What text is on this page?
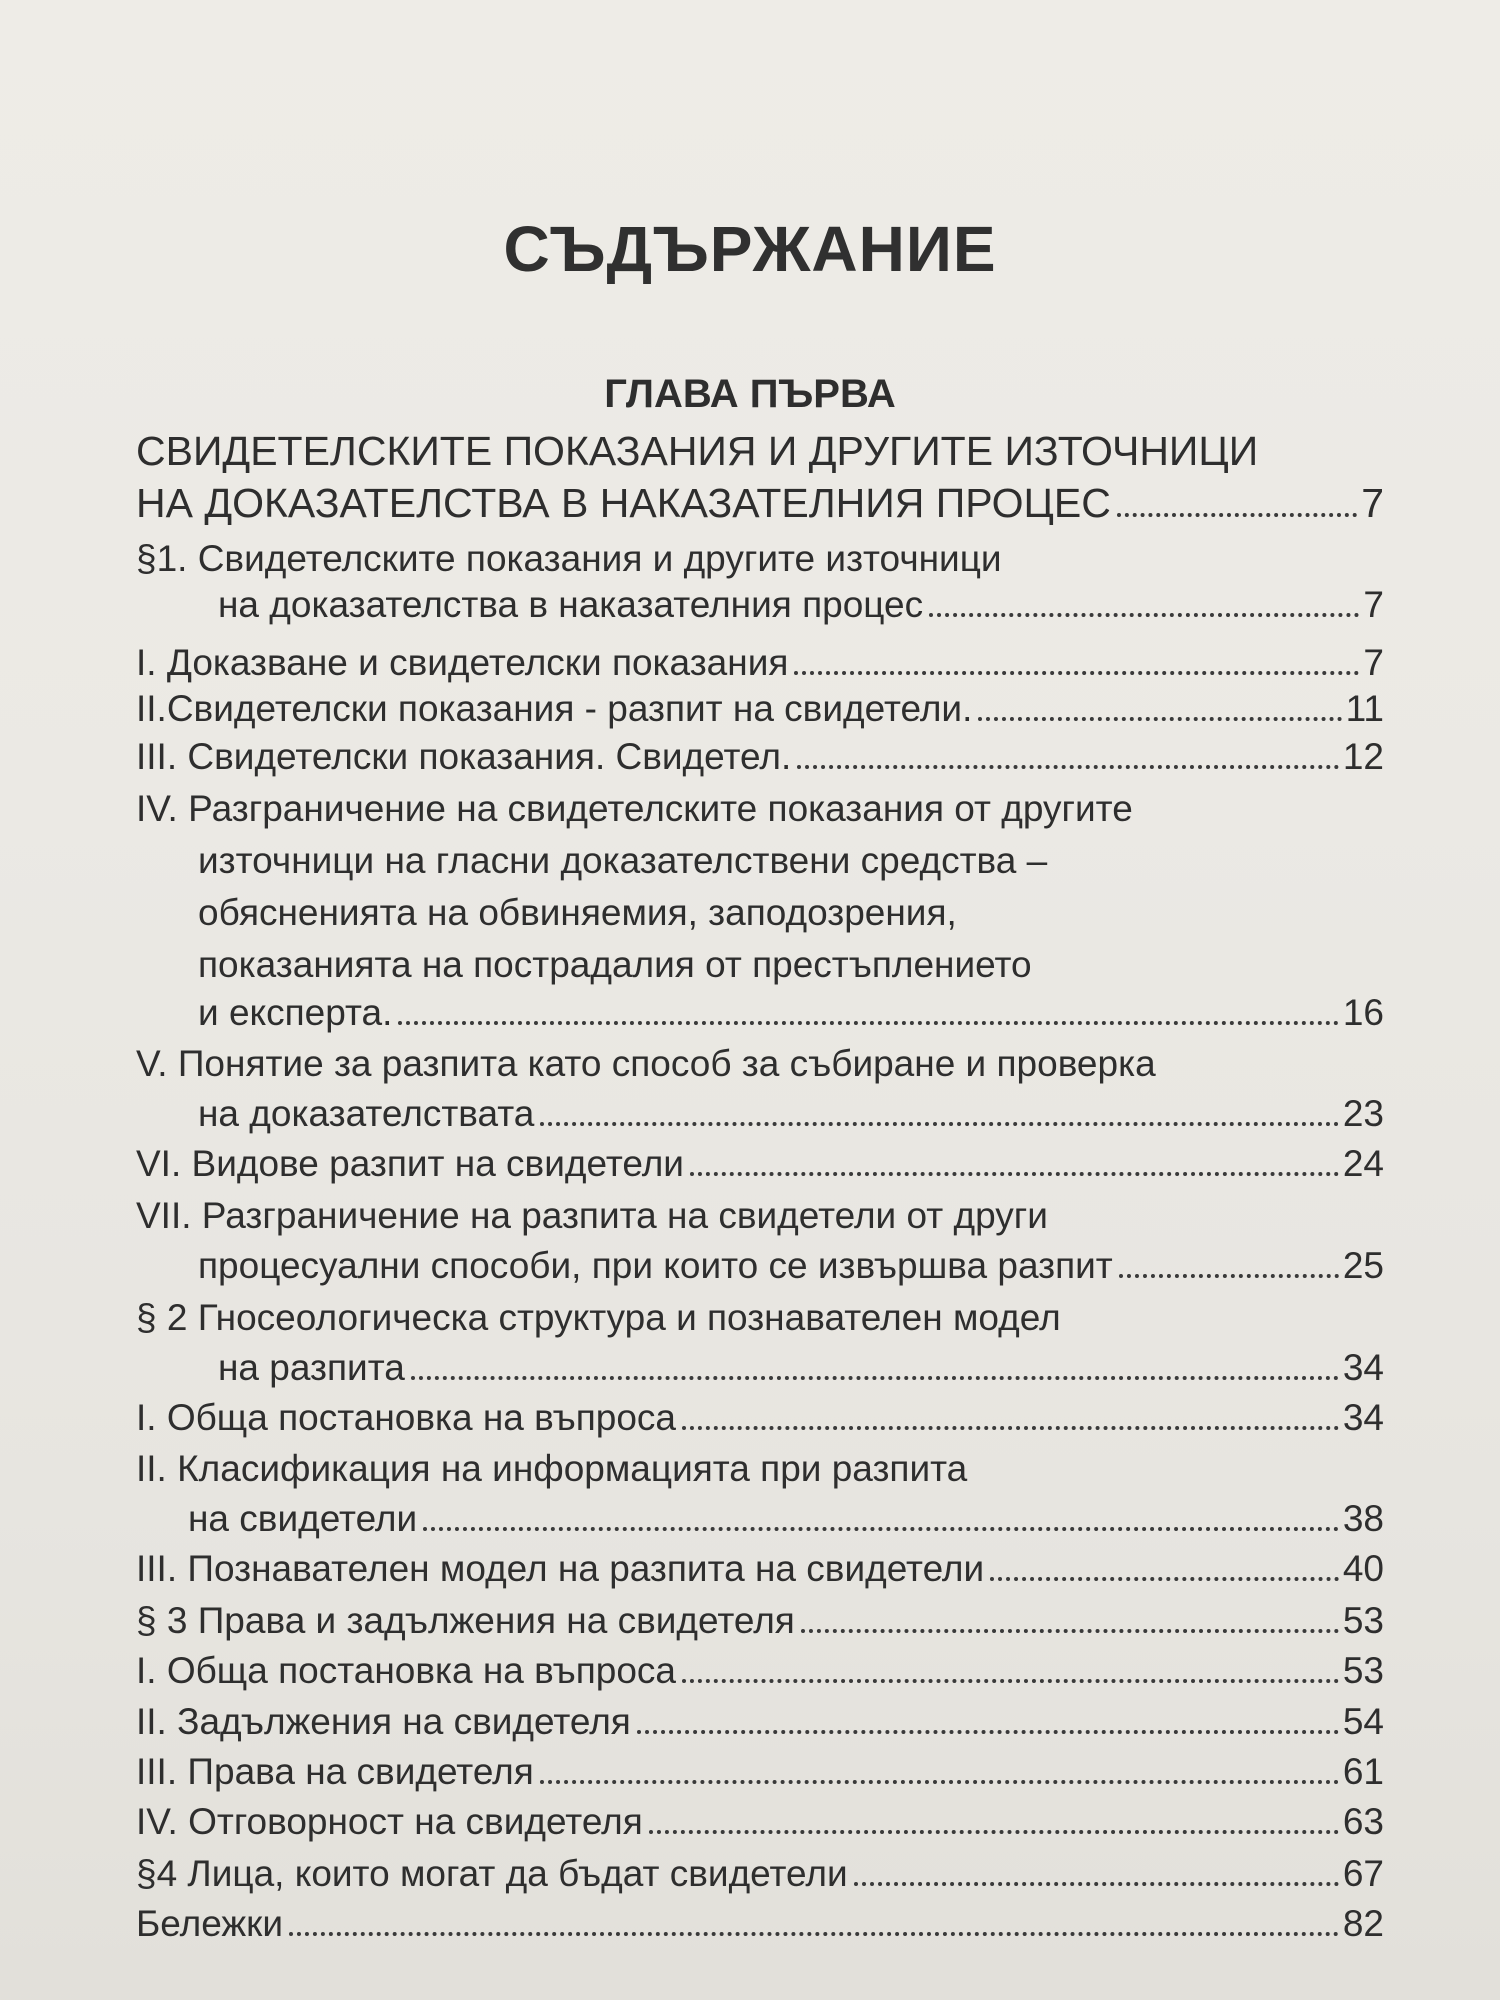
СЪДЪРЖАНИЕ
ГЛАВА ПЪРВА
СВИДЕТЕЛСКИТЕ ПОКАЗАНИЯ И ДРУГИТЕ ИЗТОЧНИЦИ
НА ДОКАЗАТЕЛСТВА В НАКАЗАТЕЛНИЯ ПРОЦЕС	7
§1. Свидетелските показания и другите източници
на доказателства в наказателния процес	7
I. Доказване и свидетелски показания	7
II.Свидетелски показания - разпит на свидетели.	11
III. Свидетелски показания. Свидетел.	12
IV. Разграничение на свидетелските показания от другите
източници на гласни доказателствени средства –
обясненията на обвиняемия, заподозрения,
показанията на пострадалия от престъплението
и експерта.	16
V. Понятие за разпита като способ за събиране и проверка
на доказателствата	23
VI. Видове разпит на свидетели	24
VII. Разграничение на разпита на свидетели от други
процесуални способи, при които се извършва разпит	25
§ 2 Гносеологическа структура и познавателен модел
на разпита	34
I. Обща постановка на въпроса	34
II. Класификация на информацията при разпита
на свидетели	38
III. Познавателен модел на разпита на свидетели	40
§ 3 Права и задължения на свидетеля	53
I. Обща постановка на въпроса	53
II. Задължения на свидетеля	54
III. Права на свидетеля	61
IV. Отговорност на свидетеля	63
§4 Лица, които могат да бъдат свидетели	67
Бележки	82
